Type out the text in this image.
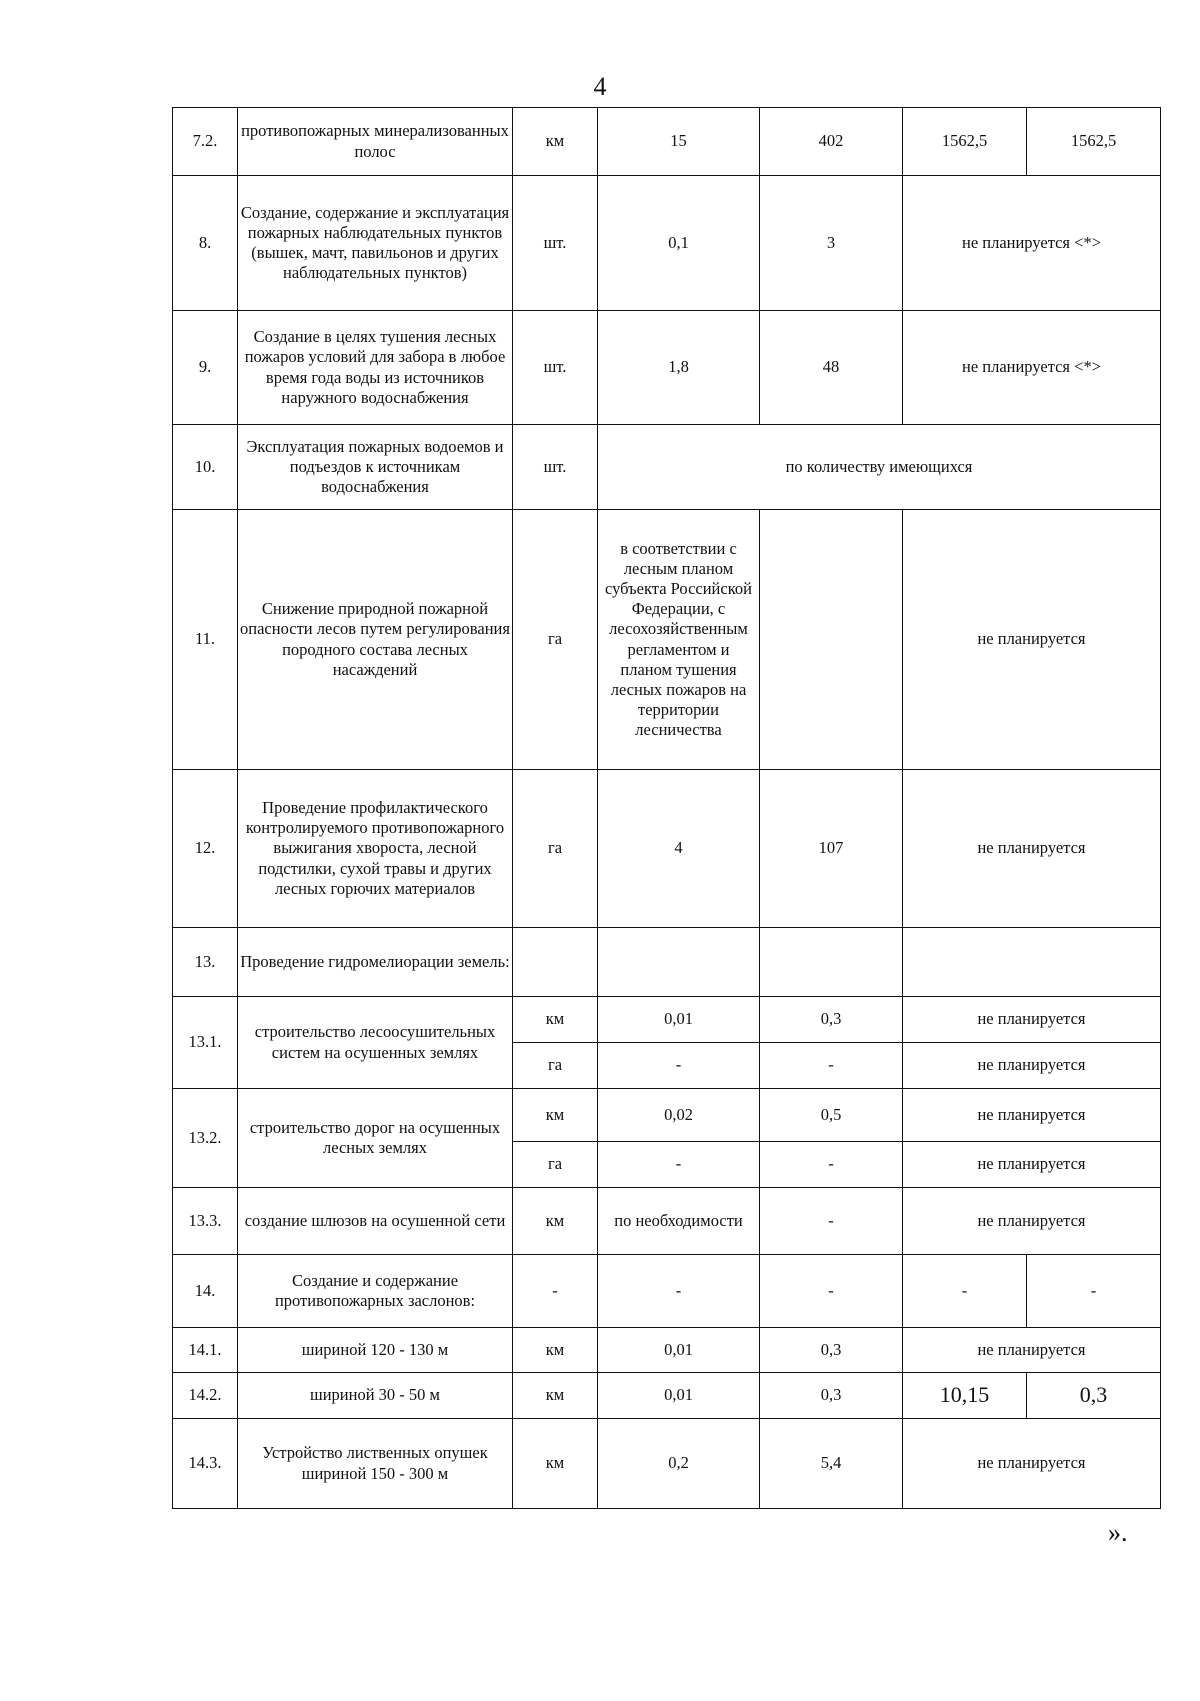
4
7.2.	противопожарных минерализованных полос	км	15	402	1562,5	1562,5
8.	Создание, содержание и эксплуатация пожарных наблюдательных пунктов (вышек, мачт, павильонов и других наблюдательных пунктов)	шт.	0,1	3	не планируется <*>	
9.	Создание в целях тушения лесных пожаров условий для забора в любое время года воды из источников наружного водоснабжения	шт.	1,8	48	не планируется <*>	
10.	Эксплуатация пожарных водоемов и подъездов к источникам водоснабжения	шт.	по количеству имеющихся			
11.	Снижение природной пожарной опасности лесов путем регулирования породного состава лесных насаждений	га	в соответствии с лесным планом субъекта Российской Федерации, с лесохозяйственным регламентом и планом тушения лесных пожаров на территории лесничества		не планируется	
12.	Проведение профилактического контролируемого противопожарного выжигания хвороста, лесной подстилки, сухой травы и других лесных горючих материалов	га	4	107	не планируется	
13.	Проведение гидромелиорации земель:					
13.1.	строительство лесоосушительных систем на осушенных землях	км	0,01	0,3	не планируется	
		га	-	-	не планируется	
13.2.	строительство дорог на осушенных лесных землях	км	0,02	0,5	не планируется	
		га	-	-	не планируется	
13.3.	создание шлюзов на осушенной сети	км	по необходимости	-	не планируется	
14.	Создание и содержание противопожарных заслонов:	-	-	-	-	-
14.1.	шириной 120 - 130 м	км	0,01	0,3	не планируется	
14.2.	шириной 30 - 50 м	км	0,01	0,3	10,15	0,3
14.3.	Устройство лиственных опушек шириной 150 - 300 м	км	0,2	5,4	не планируется	
».
